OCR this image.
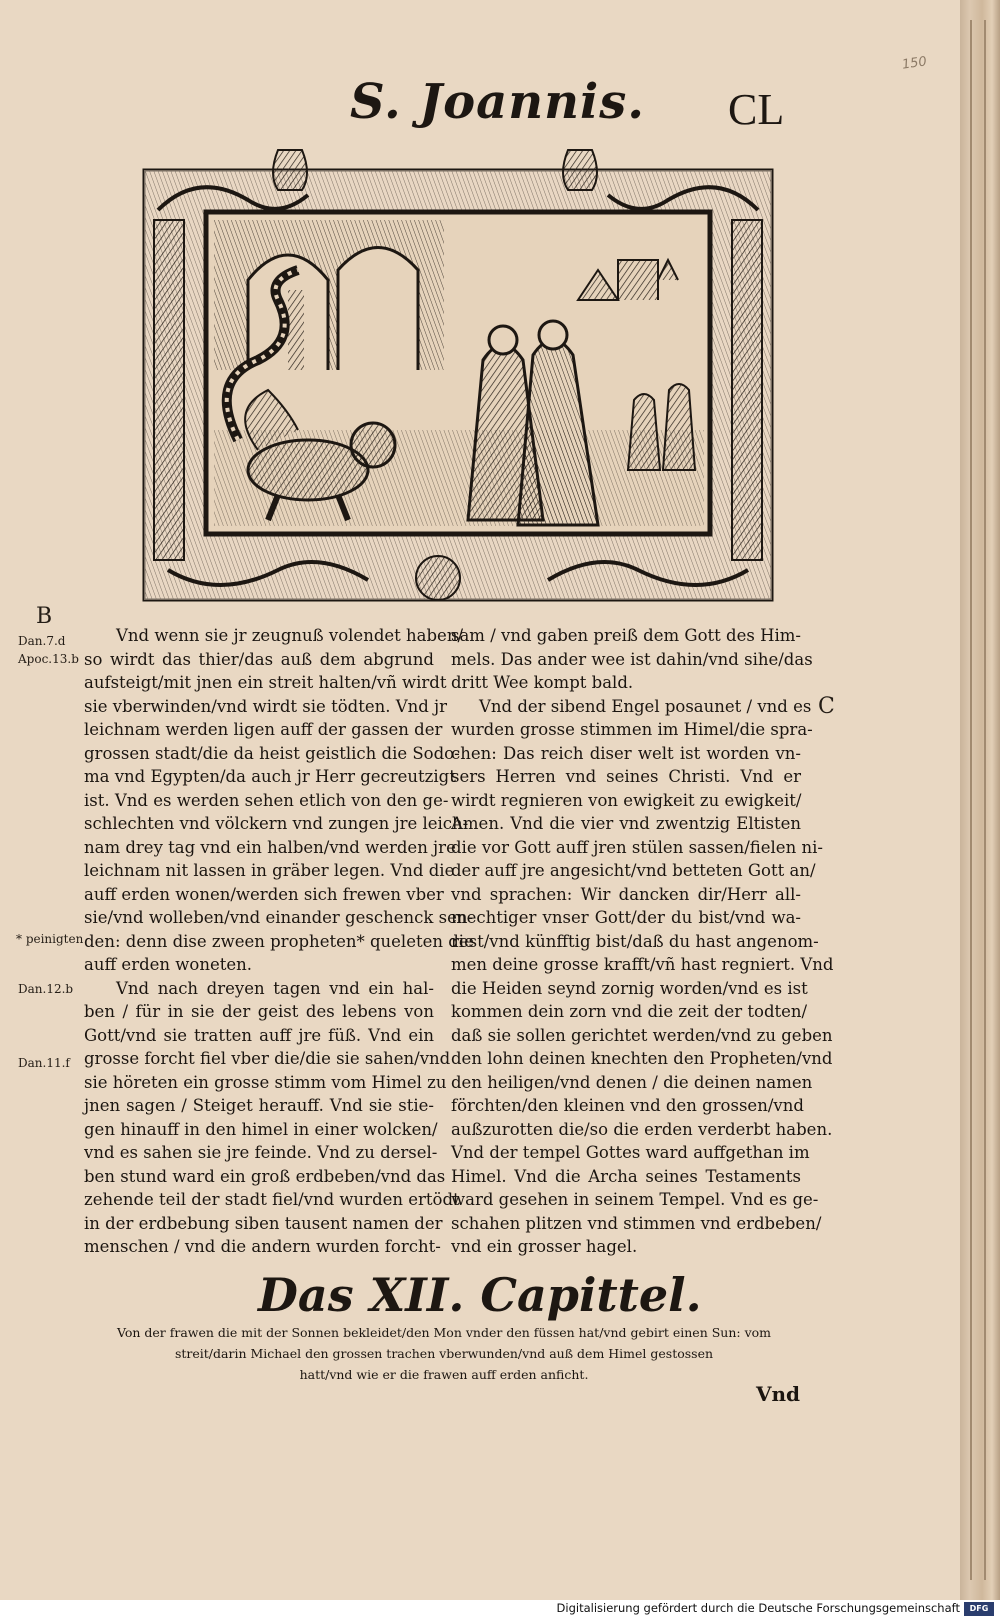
150
S. Joannis. CL
B
Dan.7.d
Apoc.13.b
* peinigten
Dan.12.b
Dan.11.f
C
Vnd wenn sie jr zeugnuß volendet haben/
so wirdt das thier/das auß dem abgrund
aufsteigt/mit jnen ein streit halten/vñ wirdt
sie vberwinden/vnd wirdt sie tödten. Vnd jr
leichnam werden ligen auff der gassen der
grossen stadt/die da heist geistlich die Sodo-
ma vnd Egypten/da auch jr Herr gecreutzigt
ist. Vnd es werden sehen etlich von den ge-
schlechten vnd völckern vnd zungen jre leich-
nam drey tag vnd ein halben/vnd werden jre
leichnam nit lassen in gräber legen. Vnd die
auff erden wonen/werden sich frewen vber
sie/vnd wolleben/vnd einander geschenck sen-
den: denn dise zween propheten* queleten die
auff erden woneten.
Vnd nach dreyen tagen vnd ein hal-
ben / für in sie der geist des lebens von
Gott/vnd sie tratten auff jre füß. Vnd ein
grosse forcht fiel vber die/die sie sahen/vnd
sie höreten ein grosse stimm vom Himel zu
jnen sagen / Steiget herauff. Vnd sie stie-
gen hinauff in den himel in einer wolcken/
vnd es sahen sie jre feinde. Vnd zu dersel-
ben stund ward ein groß erdbeben/vnd das
zehende teil der stadt fiel/vnd wurden ertödt
in der erdbebung siben tausent namen der
menschen / vnd die andern wurden forcht-
sam / vnd gaben preiß dem Gott des Him-
mels. Das ander wee ist dahin/vnd sihe/das
dritt Wee kompt bald.
Vnd der sibend Engel posaunet / vnd es
wurden grosse stimmen im Himel/die spra-
chen: Das reich diser welt ist worden vn-
sers Herren vnd seines Christi. Vnd er
wirdt regnieren von ewigkeit zu ewigkeit/
Amen. Vnd die vier vnd zwentzig Eltisten
die vor Gott auff jren stülen sassen/fielen ni-
der auff jre angesicht/vnd betteten Gott an/
vnd sprachen: Wir dancken dir/Herr all-
mechtiger vnser Gott/der du bist/vnd wa-
rest/vnd künfftig bist/daß du hast angenom-
men deine grosse krafft/vñ hast regniert. Vnd
die Heiden seynd zornig worden/vnd es ist
kommen dein zorn vnd die zeit der todten/
daß sie sollen gerichtet werden/vnd zu geben
den lohn deinen knechten den Propheten/vnd
den heiligen/vnd denen / die deinen namen
förchten/den kleinen vnd den grossen/vnd
außzurotten die/so die erden verderbt haben.
Vnd der tempel Gottes ward auffgethan im
Himel. Vnd die Archa seines Testaments
ward gesehen in seinem Tempel. Vnd es ge-
schahen plitzen vnd stimmen vnd erdbeben/
vnd ein grosser hagel.
Das XII. Capittel.
Von der frawen die mit der Sonnen bekleidet/den Mon vnder den füssen hat/vnd gebirt einen Sun: vom
streit/darin Michael den grossen trachen vberwunden/vnd auß dem Himel gestossen
hatt/vnd wie er die frawen auff erden anficht.
Vnd
Digitalisierung gefördert durch die Deutsche Forschungsgemeinschaft	DFG
